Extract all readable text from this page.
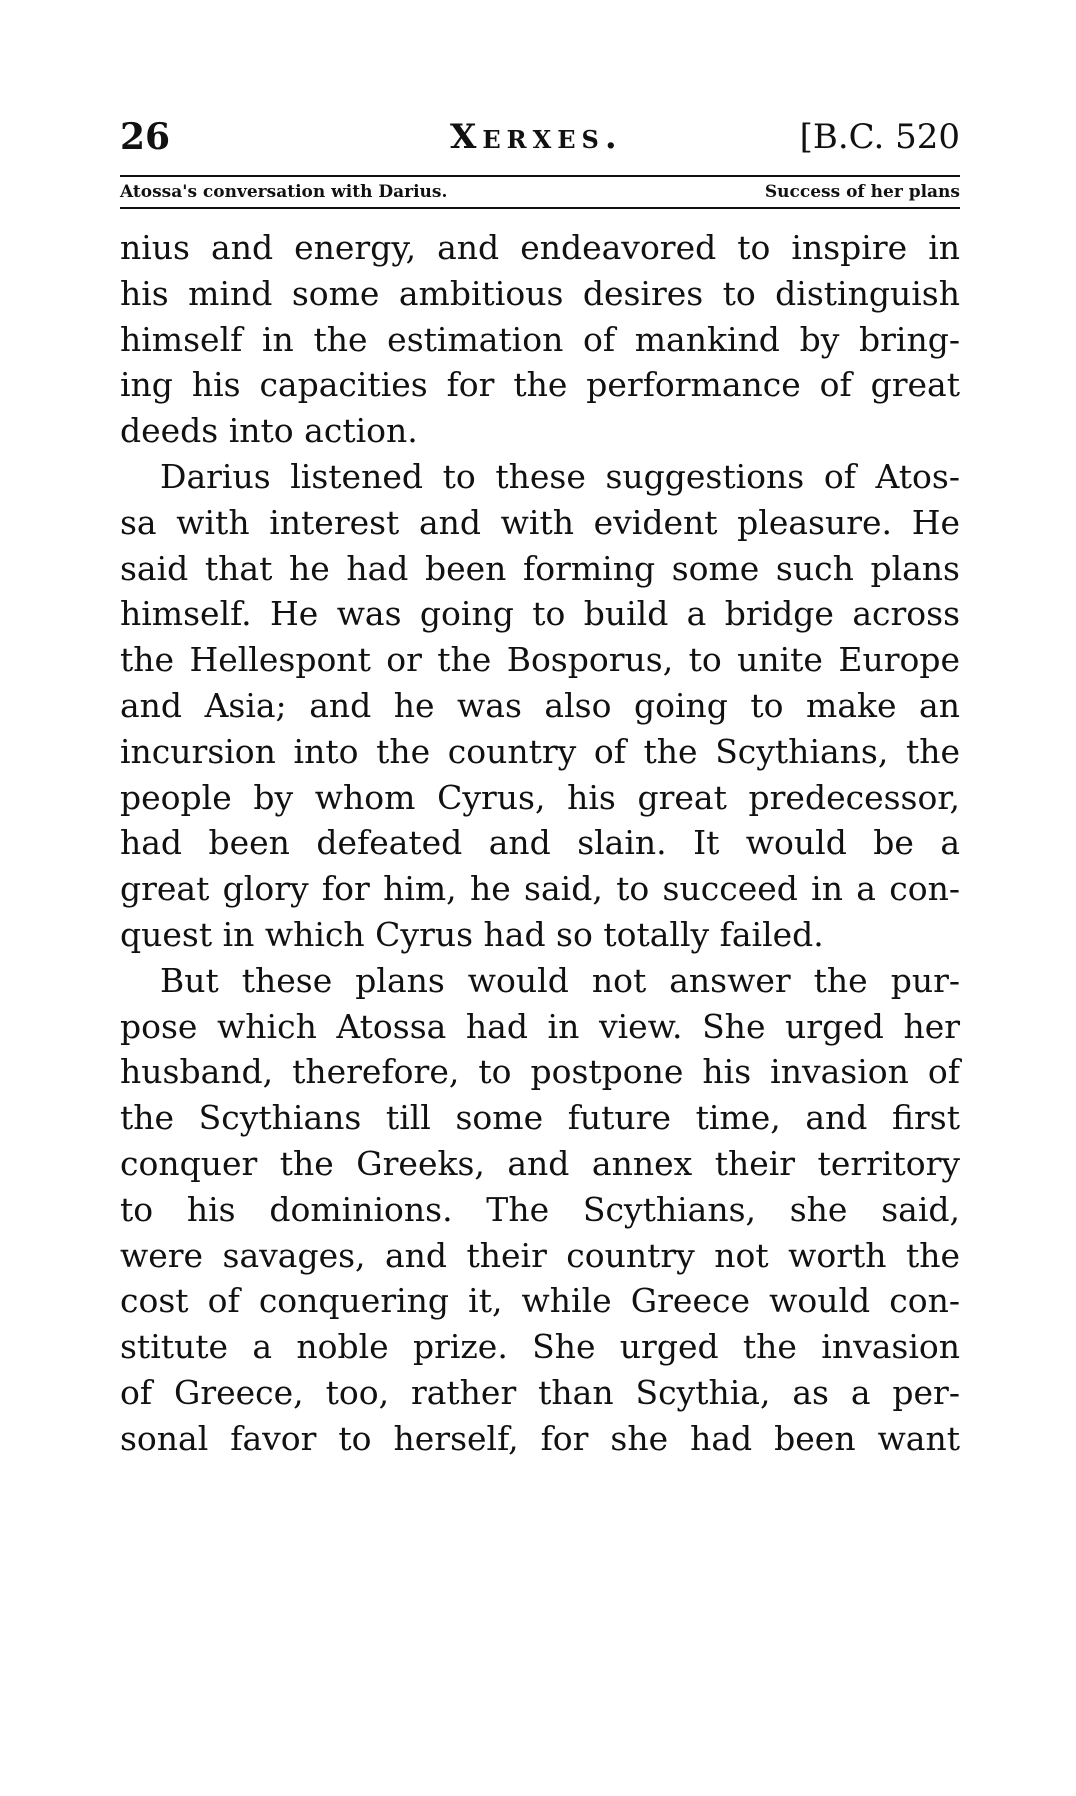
26	Xerxes.	[B.C. 520
Atossa's conversation with Darius.	Success of her plans
nius and energy, and endeavored to inspire in
his mind some ambitious desires to distinguish
himself in the estimation of mankind by bring-
ing his capacities for the performance of great
deeds into action.
Darius listened to these suggestions of Atos-
sa with interest and with evident pleasure. He
said that he had been forming some such plans
himself. He was going to build a bridge across
the Hellespont or the Bosporus, to unite Europe
and Asia; and he was also going to make an
incursion into the country of the Scythians, the
people by whom Cyrus, his great predecessor,
had been defeated and slain. It would be a
great glory for him, he said, to succeed in a con-
quest in which Cyrus had so totally failed.
But these plans would not answer the pur-
pose which Atossa had in view. She urged her
husband, therefore, to postpone his invasion of
the Scythians till some future time, and first
conquer the Greeks, and annex their territory
to his dominions. The Scythians, she said,
were savages, and their country not worth the
cost of conquering it, while Greece would con-
stitute a noble prize. She urged the invasion
of Greece, too, rather than Scythia, as a per-
sonal favor to herself, for she had been want
